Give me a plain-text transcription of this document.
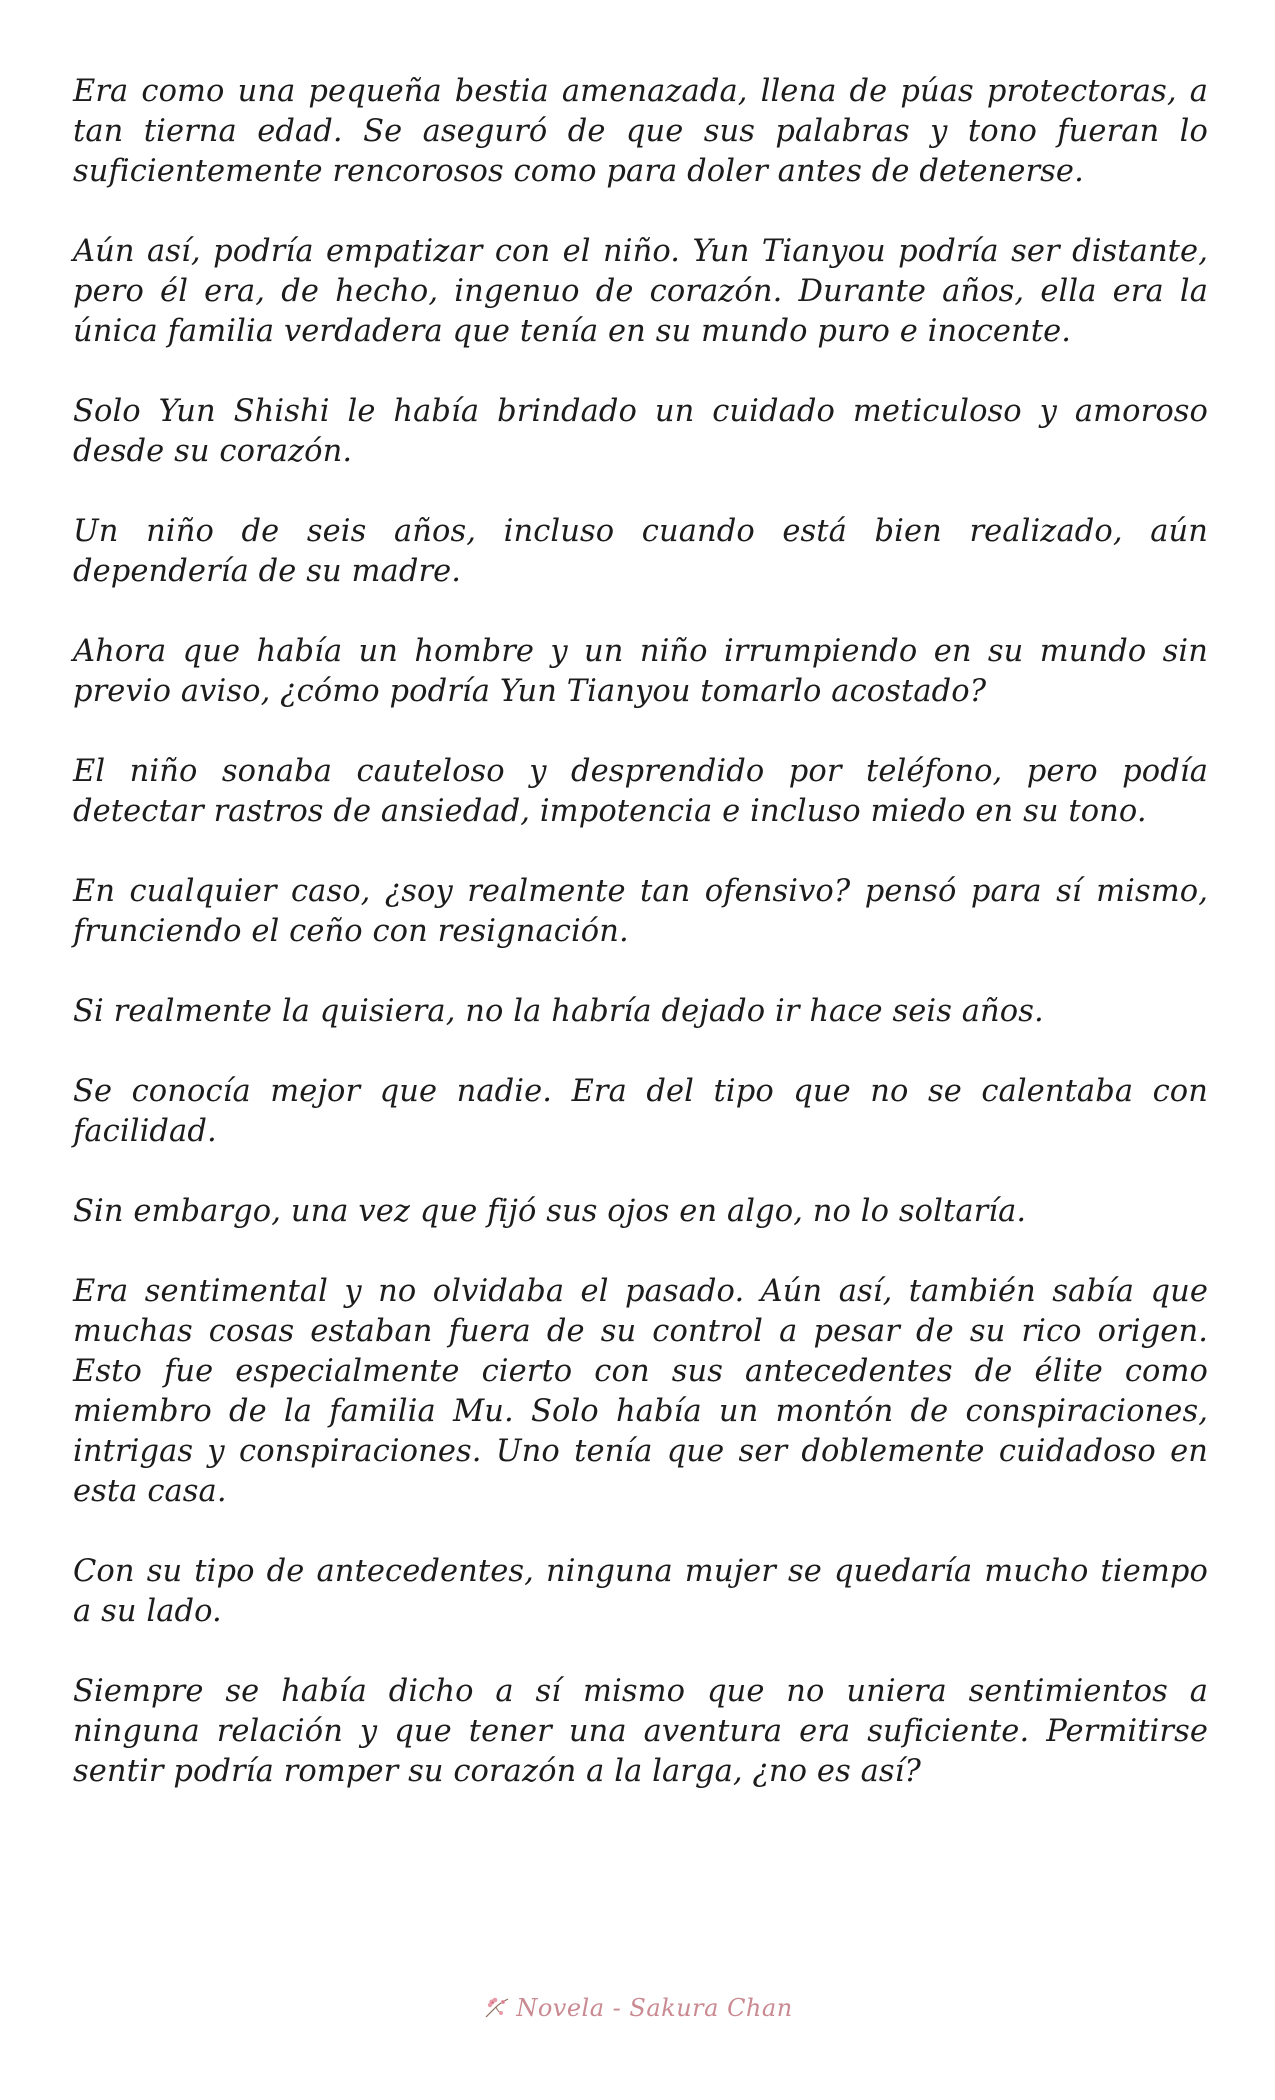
Era como una pequeña bestia amenazada, llena de púas protectoras, a tan tierna edad. Se aseguró de que sus palabras y tono fueran lo suficientemente rencorosos como para doler antes de detenerse.

Aún así, podría empatizar con el niño. Yun Tianyou podría ser distante, pero él era, de hecho, ingenuo de corazón. Durante años, ella era la única familia verdadera que tenía en su mundo puro e inocente.

Solo Yun Shishi le había brindado un cuidado meticuloso y amoroso desde su corazón.

Un niño de seis años, incluso cuando está bien realizado, aún dependería de su madre.

Ahora que había un hombre y un niño irrumpiendo en su mundo sin previo aviso, ¿cómo podría Yun Tianyou tomarlo acostado?

El niño sonaba cauteloso y desprendido por teléfono, pero podía detectar rastros de ansiedad, impotencia e incluso miedo en su tono.

En cualquier caso, ¿soy realmente tan ofensivo? pensó para sí mismo, frunciendo el ceño con resignación.

Si realmente la quisiera, no la habría dejado ir hace seis años.

Se conocía mejor que nadie. Era del tipo que no se calentaba con facilidad.

Sin embargo, una vez que fijó sus ojos en algo, no lo soltaría.

Era sentimental y no olvidaba el pasado. Aún así, también sabía que muchas cosas estaban fuera de su control a pesar de su rico origen. Esto fue especialmente cierto con sus antecedentes de élite como miembro de la familia Mu. Solo había un montón de conspiraciones, intrigas y conspiraciones. Uno tenía que ser doblemente cuidadoso en esta casa.

Con su tipo de antecedentes, ninguna mujer se quedaría mucho tiempo a su lado.

Siempre se había dicho a sí mismo que no uniera sentimientos a ninguna relación y que tener una aventura era suficiente. Permitirse sentir podría romper su corazón a la larga, ¿no es así?

Novela - Sakura Chan
